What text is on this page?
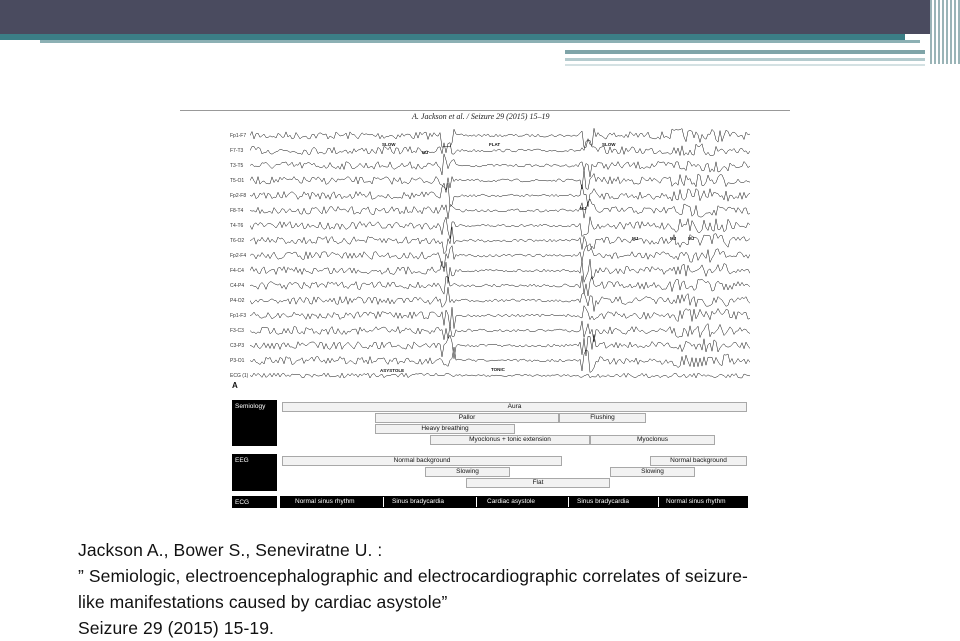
A. Jackson et al. / Seizure 29 (2015) 15–19
Fp1-F7
F7-T3
T3-T5
T5-O1
Fp2-F8
F8-T4
T4-T6
T6-O2
Fp2-F4
F4-C4
C4-P4
P4-O2
Fp1-F3
F3-C3
C3-P3
P3-O1
ECG (1)
SLOW	FLAT	SLOW
MJ
MJ
MJ	MJ	MJ
ASYSTOLE	TONIC
A
Semiology
EEG
ECG
Aura
Pallor	Flushing
Heavy breathing
Myoclonus + tonic extension	Myoclonus
Normal background	Normal background
Slowing	Slowing
Flat
Normal sinus rhythm	Sinus bradycardia	Cardiac asystole	Sinus bradycardia	Normal sinus rhythm
Jackson A., Bower S., Seneviratne U. :
” Semiologic, electroencephalographic and electrocardiographic correlates of seizure-
like manifestations caused by cardiac asystole”
Seizure 29 (2015) 15-19.
